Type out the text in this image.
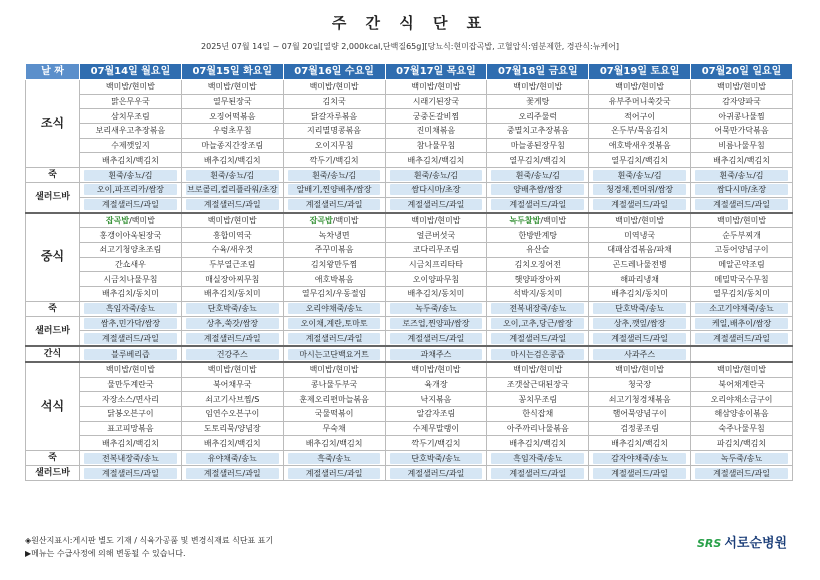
주 간 식 단 표
2025년 07월 14일 ~ 07월 20일[열량 2,000kcal,단백질65g][당뇨식:현미잡곡밥, 고혈압식:염분제한, 경관식:뉴케어]
날 짜	07월14일 월요일	07월15일 화요일	07월16일 수요일	07월17일 목요일	07월18일 금요일	07월19일 토요일	07월20일 일요일
조식	백미밥/현미밥	백미밥/현미밥	백미밥/현미밥	백미밥/현미밥	백미밥/현미밥	백미밥/현미밥	백미밥/현미밥
	맑은무우국	열무된장국	김치국	시래기된장국	꽃게탕	유부주머니쑥갓국	감자양파국
	삼치무조림	오징어떡볶음	닭갈자루볶음	궁중돈갈비찜	오리주물럭	적어구이	아귀콩나물찜
	보리새우고추장볶음	우렁초무침	지리멸명콩볶음	진미채볶음	중멸치고추장볶음	온두부/묵음김치	어묵만가닥볶음
	수제깻잎지	마늘종지간장조림	오이지무침	참나물무침	마늘종된장무침	애호박새우젓볶음	비름나물무침
	배추김치/백김치	배추김치/백김치	깍두기/백김치	배추김치/백김치	열무김치/백김치	열무김치/백김치	배추김치/백김치
죽	흰죽/송뇨/김	흰죽/송뇨/김	흰죽/송뇨/김	흰죽/송뇨/김	흰죽/송뇨/김	흰죽/송뇨/김	흰죽/송뇨/김
샐러드바	오이,파프리카/쌈장	브로콜리,컬리플라워/초장	알배기,찐양배추/쌈장	쌈다시마/초장	양배추쌈/쌈장	청경채,찐머위/쌈장	쌈다시마/초장
	계절샐러드/과일	계절샐러드/과일	계절샐러드/과일	계절샐러드/과일	계절샐러드/과일	계절샐러드/과일	계절샐러드/과일
중식	잡곡밥/백미밥	백미밥/현미밥	잡곡밥/백미밥	백미밥/현미밥	녹두찰밥/백미밥	백미밥/현미밥	백미밥/현미밥
	홍갱이아욱된장국	흥합미역국	녹차냉면	얼큰버섯국	한방반계탕	미역냉국	순두부찌개
	쇠고기청양초조림	수육/새우젓	주꾸미볶음	코다리무조림	유산슬	대패삼겹볶음/파채	고등어양념구이
	간쇼새우	두부열근조림	김치왕만두찜	시금치프리타타	김치오징어전	곤드레나물전병	메알곤약조림
	시금치나물무침	매실장아찌무침	애호박볶음	오이양파무침	햇양파장아찌	해파리냉채	메밀막국수무침
	배추김치/동치미	배추김치/동치미	열무김치/우동절임	배추김치/동치미	석박지/동치미	배추김치/동치미	열무김치/동치미
죽	흑임자죽/송뇨	단호박죽/송뇨	오리야채죽/송뇨	녹두죽/송뇨	전복내장죽/송뇨	단호박죽/송뇨	소고기야채죽/송뇨
샐러드바	쌈추,민가닥/쌈장	상추,쑥갓/쌈장	오이채,계란,토마토	로즈업,찐양파/쌈장	오이,고추,당근/쌈장	상추,깻잎/쌈장	케일,배추이/쌈장
	계절샐러드/과일	계절샐러드/과일	계절샐러드/과일	계절샐러드/과일	계절샐러드/과일	계절샐러드/과일	계절샐러드/과일
간식	블루베리즙	건강주스	마시는고단백요거트	과채주스	마시는검은콩즙	사과주스	
석식	백미밥/현미밥	백미밥/현미밥	백미밥/현미밥	백미밥/현미밥	백미밥/현미밥	백미밥/현미밥	백미밥/현미밥
	물만두계란국	북어채무국	콩나물두부국	육개장	조갯살근대된장국	청국장	북어채계란국
	자장소스/면사리	쇠고기사브찜/S	훈제오리편마늘볶음	낙지볶음	꽁치무조림	쇠고기청경채볶음	오리야채소금구이
	닭봉오븐구이	임연수오븐구이	국물떡볶이	알감자조림	한식잡채	햄어묵양념구이	해삼양송이볶음
	표고피망볶음	도토리묵/양념장	무숙채	수제무말랭이	아주까리나물볶음	검정콩조림	숙주나물무침
	배추김치/백김치	배추김치/백김치	배추김치/백김치	깍두기/백김치	배추김치/백김치	배추김치/백김치	파김치/백김치
죽	전복내장죽/송뇨	유야채죽/송뇨	흑죽/송뇨	단호박죽/송뇨	흑임자죽/송뇨	감자야채죽/송뇨	녹두죽/송뇨
샐러드바	계절샐러드/과일	계절샐러드/과일	계절샐러드/과일	계절샐러드/과일	계절샐러드/과일	계절샐러드/과일	계절샐러드/과일
◈원산지표시:게시판 별도 기재 / 식육가공품 및 변경식재료 식단표 표기
▶메뉴는 수급사정에 의해 변동될 수 있습니다.
SRS 서로순병원
